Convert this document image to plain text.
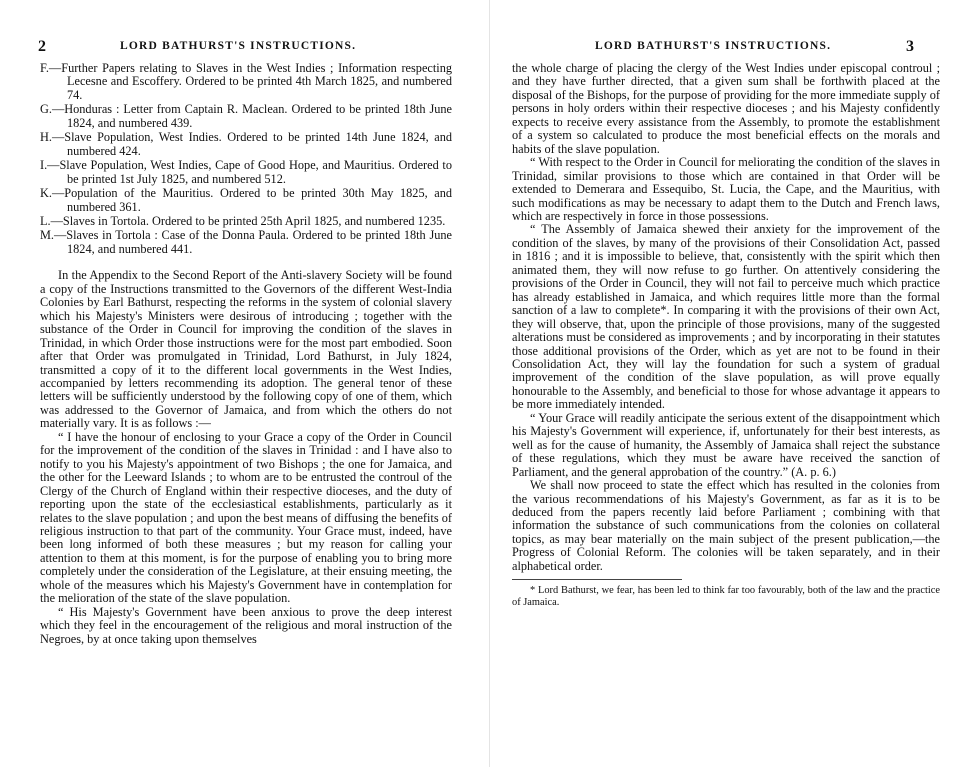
2	LORD BATHURST'S INSTRUCTIONS.

F.—Further Papers relating to Slaves in the West Indies ; Information respecting Lecesne and Escoffery. Ordered to be printed 4th March 1825, and numbered 74.

G.—Honduras : Letter from Captain R. Maclean. Ordered to be printed 18th June 1824, and numbered 439.

H.—Slave Population, West Indies. Ordered to be printed 14th June 1824, and numbered 424.

I.—Slave Population, West Indies, Cape of Good Hope, and Mauritius. Ordered to be printed 1st July 1825, and numbered 512.

K.—Population of the Mauritius. Ordered to be printed 30th May 1825, and numbered 361.

L.—Slaves in Tortola. Ordered to be printed 25th April 1825, and numbered 1235.

M.—Slaves in Tortola : Case of the Donna Paula. Ordered to be printed 18th June 1824, and numbered 441.

In the Appendix to the Second Report of the Anti-slavery Society will be found a copy of the Instructions transmitted to the Governors of the different West-India Colonies by Earl Bathurst, respecting the reforms in the system of colonial slavery which his Majesty's Ministers were desirous of introducing ; together with the substance of the Order in Council for improving the condition of the slaves in Trinidad, in which Order those instructions were for the most part embodied. Soon after that Order was promulgated in Trinidad, Lord Bathurst, in July 1824, transmitted a copy of it to the different local governments in the West Indies, accompanied by letters recommending its adoption. The general tenor of these letters will be sufficiently understood by the following copy of one of them, which was addressed to the Governor of Jamaica, and from which the others do not materially vary. It is as follows :—

“ I have the honour of enclosing to your Grace a copy of the Order in Council for the improvement of the condition of the slaves in Trinidad : and I have also to notify to you his Majesty's appointment of two Bishops ; the one for Jamaica, and the other for the Leeward Islands ; to whom are to be entrusted the controul of the Clergy of the Church of England within their respective dioceses, and the duty of reporting upon the state of the ecclesiastical establishments, particularly as it relates to the slave population ; and upon the best means of diffusing the benefits of religious instruction to that part of the community. Your Grace must, indeed, have been long informed of both these measures ; but my reason for calling your attention to them at this moment, is for the purpose of enabling you to bring more completely under the consideration of the Legislature, at their ensuing meeting, the whole of the measures which his Majesty's Government have in contemplation for the melioration of the state of the slave population.

“ His Majesty's Government have been anxious to prove the deep interest which they feel in the encouragement of the religious and moral instruction of the Negroes, by at once taking upon themselves

LORD BATHURST'S INSTRUCTIONS.	3

the whole charge of placing the clergy of the West Indies under episcopal controul ; and they have further directed, that a given sum shall be forthwith placed at the disposal of the Bishops, for the purpose of providing for the more immediate supply of persons in holy orders within their respective dioceses ; and his Majesty confidently expects to receive every assistance from the Assembly, to promote the establishment of a system so calculated to produce the most beneficial effects on the morals and habits of the slave population.

“ With respect to the Order in Council for meliorating the condition of the slaves in Trinidad, similar provisions to those which are contained in that Order will be extended to Demerara and Essequibo, St. Lucia, the Cape, and the Mauritius, with such modifications as may be necessary to adapt them to the Dutch and French laws, which are respectively in force in those possessions.

“ The Assembly of Jamaica shewed their anxiety for the improvement of the condition of the slaves, by many of the provisions of their Consolidation Act, passed in 1816 ; and it is impossible to believe, that, consistently with the spirit which then animated them, they will now refuse to go further. On attentively considering the provisions of the Order in Council, they will not fail to perceive much which practice has already established in Jamaica, and which requires little more than the formal sanction of a law to complete*. In comparing it with the provisions of their own Act, they will observe, that, upon the principle of those provisions, many of the suggested alterations must be considered as improvements ; and by incorporating in their statutes those additional provisions of the Order, which as yet are not to be found in their Consolidation Act, they will lay the foundation for such a system of gradual improvement of the condition of the slave population, as will prove equally honourable to the Assembly, and beneficial to those for whose advantage it appears to be more immediately intended.

“ Your Grace will readily anticipate the serious extent of the disappointment which his Majesty's Government will experience, if, unfortunately for their best interests, as well as for the cause of humanity, the Assembly of Jamaica shall reject the substance of these regulations, which they must be aware have received the sanction of Parliament, and the general approbation of the country.” (A. p. 6.)

We shall now proceed to state the effect which has resulted in the colonies from the various recommendations of his Majesty's Government, as far as it is to be deduced from the papers recently laid before Parliament ; combining with that information the substance of such communications from the colonies on collateral topics, as may bear materially on the main subject of the present publication,—the Progress of Colonial Reform. The colonies will be taken separately, and in their alphabetical order.

* Lord Bathurst, we fear, has been led to think far too favourably, both of the law and the practice of Jamaica.
